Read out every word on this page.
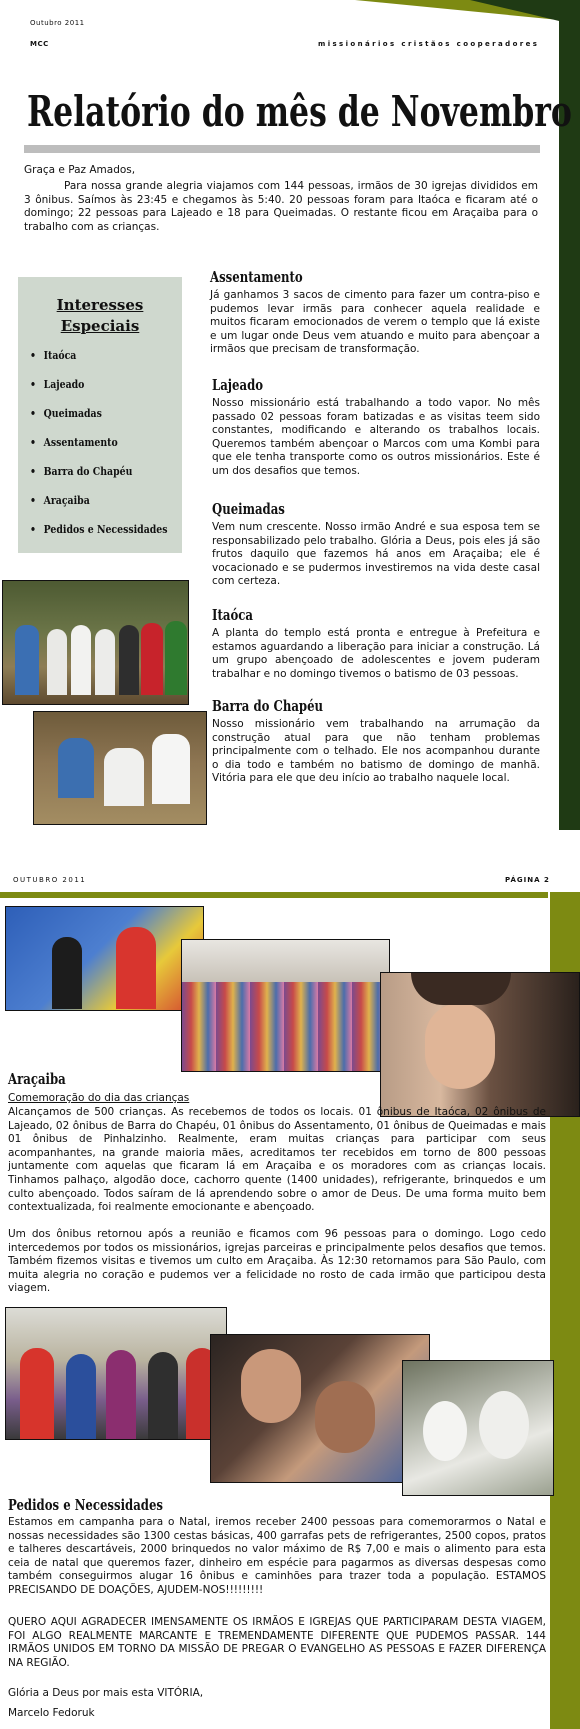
Outubro 2011
MCC	missionários cristãos cooperadores
Relatório do mês de Novembro
Graça e Paz Amados,
Para nossa grande alegria viajamos com 144 pessoas, irmãos de 30 igrejas divididos em 3 ônibus. Saímos às 23:45 e chegamos às 5:40. 20 pessoas foram para Itaóca e ficaram até o domingo; 22 pessoas para Lajeado e 18 para Queimadas. O restante ficou em Araçaiba para o trabalho com as crianças.
Interesses Especiais
• Itaóca
• Lajeado
• Queimadas
• Assentamento
• Barra do Chapéu
• Araçaiba
• Pedidos e Necessidades
Assentamento
Já ganhamos 3 sacos de cimento para fazer um contra-piso e pudemos levar irmãs para conhecer aquela realidade e muitos ficaram emocionados de verem o templo que lá existe e um lugar onde Deus vem atuando e muito para abençoar a irmãos que precisam de transformação.
Lajeado
Nosso missionário está trabalhando a todo vapor. No mês passado 02 pessoas foram batizadas e as visitas teem sido constantes, modificando e alterando os trabalhos locais. Queremos também abençoar o Marcos com uma Kombi para que ele tenha transporte como os outros missionários. Este é um dos desafios que temos.
Queimadas
Vem num crescente. Nosso irmão André e sua esposa tem se responsabilizado pelo trabalho. Glória a Deus, pois eles já são frutos daquilo que fazemos há anos em Araçaiba; ele é vocacionado e se pudermos investiremos na vida deste casal com certeza.
Itaóca
A planta do templo está pronta e entregue à Prefeitura e estamos aguardando a liberação para iniciar a construção. Lá um grupo abençoado de adolescentes e jovem puderam trabalhar e no domingo tivemos o batismo de 03 pessoas.
Barra do Chapéu
Nosso missionário vem trabalhando na arrumação da construção atual para que não tenham problemas principalmente com o telhado. Ele nos acompanhou durante o dia todo e também no batismo de domingo de manhã. Vitória para ele que deu início ao trabalho naquele local.
OUTUBRO 2011	PÁGINA 2
Araçaiba
Comemoração do dia das crianças
Alcançamos de 500 crianças. As recebemos de todos os locais. 01 ônibus de Itaóca, 02 ônibus de Lajeado, 02 ônibus de Barra do Chapéu, 01 ônibus do Assentamento, 01 ônibus de Queimadas e mais 01 ônibus de Pinhalzinho. Realmente, eram muitas crianças para participar com seus acompanhantes, na grande maioria mães, acreditamos ter recebidos em torno de 800 pessoas juntamente com aquelas que ficaram lá em Araçaiba e os moradores com as crianças locais. Tinhamos palhaço, algodão doce, cachorro quente (1400 unidades), refrigerante, brinquedos e um culto abençoado. Todos saíram de lá aprendendo sobre o amor de Deus. De uma forma muito bem contextualizada, foi realmente emocionante e abençoado.
Um dos ônibus retornou após a reunião e ficamos com 96 pessoas para o domingo. Logo cedo intercedemos por todos os missionários, igrejas parceiras e principalmente pelos desafios que temos. Também fizemos visitas e tivemos um culto em Araçaiba. Às 12:30 retornamos para São Paulo, com muita alegria no coração e pudemos ver a felicidade no rosto de cada irmão que participou desta viagem.
Pedidos e Necessidades
Estamos em campanha para o Natal, iremos receber 2400 pessoas para comemorarmos o Natal e nossas necessidades são 1300 cestas básicas, 400 garrafas pets de refrigerantes, 2500 copos, pratos e talheres descartáveis, 2000 brinquedos no valor máximo de R$ 7,00 e mais o alimento para esta ceia de natal que queremos fazer, dinheiro em espécie para pagarmos as diversas despesas como também conseguirmos alugar 16 ônibus e caminhões para trazer toda a população. ESTAMOS PRECISANDO DE DOAÇÕES, AJUDEM-NOS!!!!!!!!!
QUERO AQUI AGRADECER IMENSAMENTE OS IRMÃOS E IGREJAS QUE PARTICIPARAM DESTA VIAGEM, FOI ALGO REALMENTE MARCANTE E TREMENDAMENTE DIFERENTE QUE PUDEMOS PASSAR. 144 IRMÃOS UNIDOS EM TORNO DA MISSÃO DE PREGAR O EVANGELHO AS PESSOAS E FAZER DIFERENÇA NA REGIÃO.
Glória a Deus por mais esta VITÓRIA,
Marcelo Fedoruk
